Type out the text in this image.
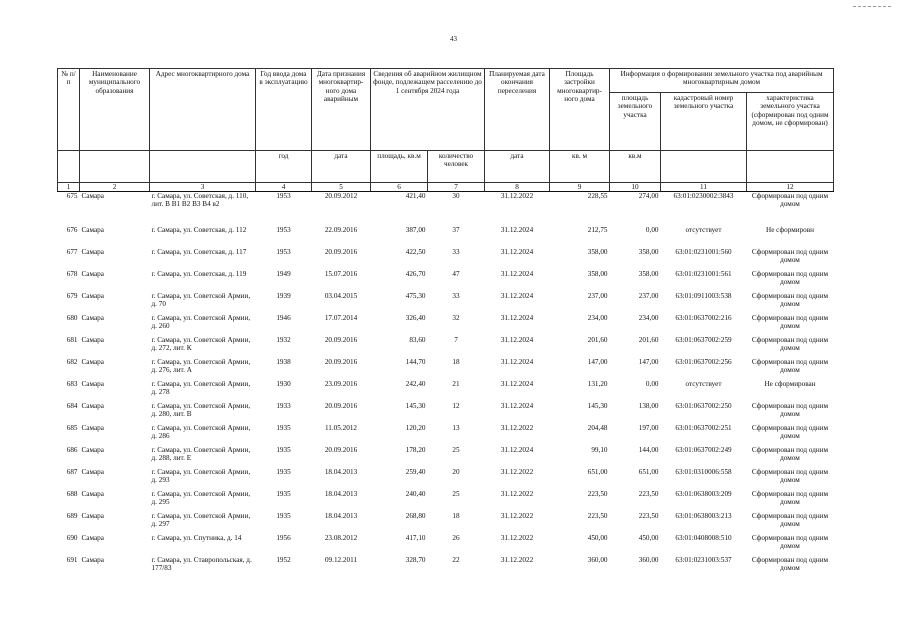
43
№ п/п	Наименование муниципального образования	Адрес многоквартирного дома	Год ввода дома в эксплуатацию	Дата признания многоквартир-ного дома аварийным	Сведения об аварийном жилищном фонде, подлежащем расселению до 1 сентября 2024 года		Планируемая дата окончания переселения	Площадь застройки многоквартир-ного дома	Информация о формировании земельного участка под аварийным многоквартирным домом		
									площадь земельного участка	кадастровый номер земельного участка	характеристика земельного участка (сформирован под одним домом, не сформирован)
			год	дата	площадь, кв.м	количество человек	дата	кв. м	кв.м		
1	2	3	4	5	6	7	8	9	10	11	12
675	Самара	г. Самара, ул. Советская, д. 110, лит. В В1 В2 В3 В4 в2	1953	20.09.2012	421,40	30	31.12.2022	228,55	274,00	63:01:0230002:3843	Сформирован под одним домом
676	Самара	г. Самара, ул. Советская, д. 112	1953	22.09.2016	387,00	37	31.12.2024	212,75	0,00	отсутствует	Не сформировн
677	Самара	г. Самара, ул. Советская, д. 117	1953	20.09.2016	422,50	33	31.12.2024	358,00	358,00	63:01:0231001:560	Сформирован под одним домом
678	Самара	г. Самара, ул. Советская, д. 119	1949	15.07.2016	426,70	47	31.12.2024	358,00	358,00	63:01:0231001:561	Сформирован под одним домом
679	Самара	г. Самара, ул. Советской Армии, д. 70	1939	03.04.2015	475,30	33	31.12.2024	237,00	237,00	63:01:0911003:538	Сформирован под одним домом
680	Самара	г. Самара, ул. Советской Армии, д. 260	1946	17.07.2014	326,40	32	31.12.2024	234,00	234,00	63:01:0637002:216	Сформирован под одним домом
681	Самара	г. Самара, ул. Советской Армии, д. 272, лит. К	1932	20.09.2016	83,60	7	31.12.2024	201,60	201,60	63:01:0637002:259	Сформирован под одним домом
682	Самара	г. Самара, ул. Советской Армии, д. 276, лит. А	1938	20.09.2016	144,70	18	31.12.2024	147,00	147,00	63:01:0637002:256	Сформирован под одним домом
683	Самара	г. Самара, ул. Советской Армии, д. 278	1930	23.09.2016	242,40	21	31.12.2024	131,20	0,00	отсутствует	Не сформирован
684	Самара	г. Самара, ул. Советской Армии, д. 280, лит. В	1933	20.09.2016	145,30	12	31.12.2024	145,30	138,00	63:01:0637002:250	Сформирован под одним домом
685	Самара	г. Самара, ул. Советской Армии, д. 286	1935	11.05.2012	120,20	13	31.12.2022	204,48	197,00	63:01:0637002:251	Сформирован под одним домом
686	Самара	г. Самара, ул. Советской Армии, д. 288, лит. Е	1935	20.09.2016	178,20	25	31.12.2024	99,10	144,00	63:01:0637002:249	Сформирован под одним домом
687	Самара	г. Самара, ул. Советской Армии, д. 293	1935	18.04.2013	259,40	20	31.12.2022	651,00	651,00	63:01:0310006:558	Сформирован под одним домом
688	Самара	г. Самара, ул. Советской Армии, д. 295	1935	18.04.2013	240,40	25	31.12.2022	223,50	223,50	63:01:0638003:209	Сформирован под одним домом
689	Самара	г. Самара, ул. Советской Армии, д. 297	1935	18.04.2013	268,80	18	31.12.2022	223,50	223,50	63:01:0638003:213	Сформирован под одним домом
690	Самара	г. Самара, ул. Спутника, д. 14	1956	23.08.2012	417,10	26	31.12.2022	450,00	450,00	63:01:0408008:510	Сформирован под одним домом
691	Самара	г. Самара, ул. Ставропольская, д. 177/83	1952	09.12.2011	328,70	22	31.12.2022	360,00	360,00	63:01:0231003:537	Сформирован под одним домом
